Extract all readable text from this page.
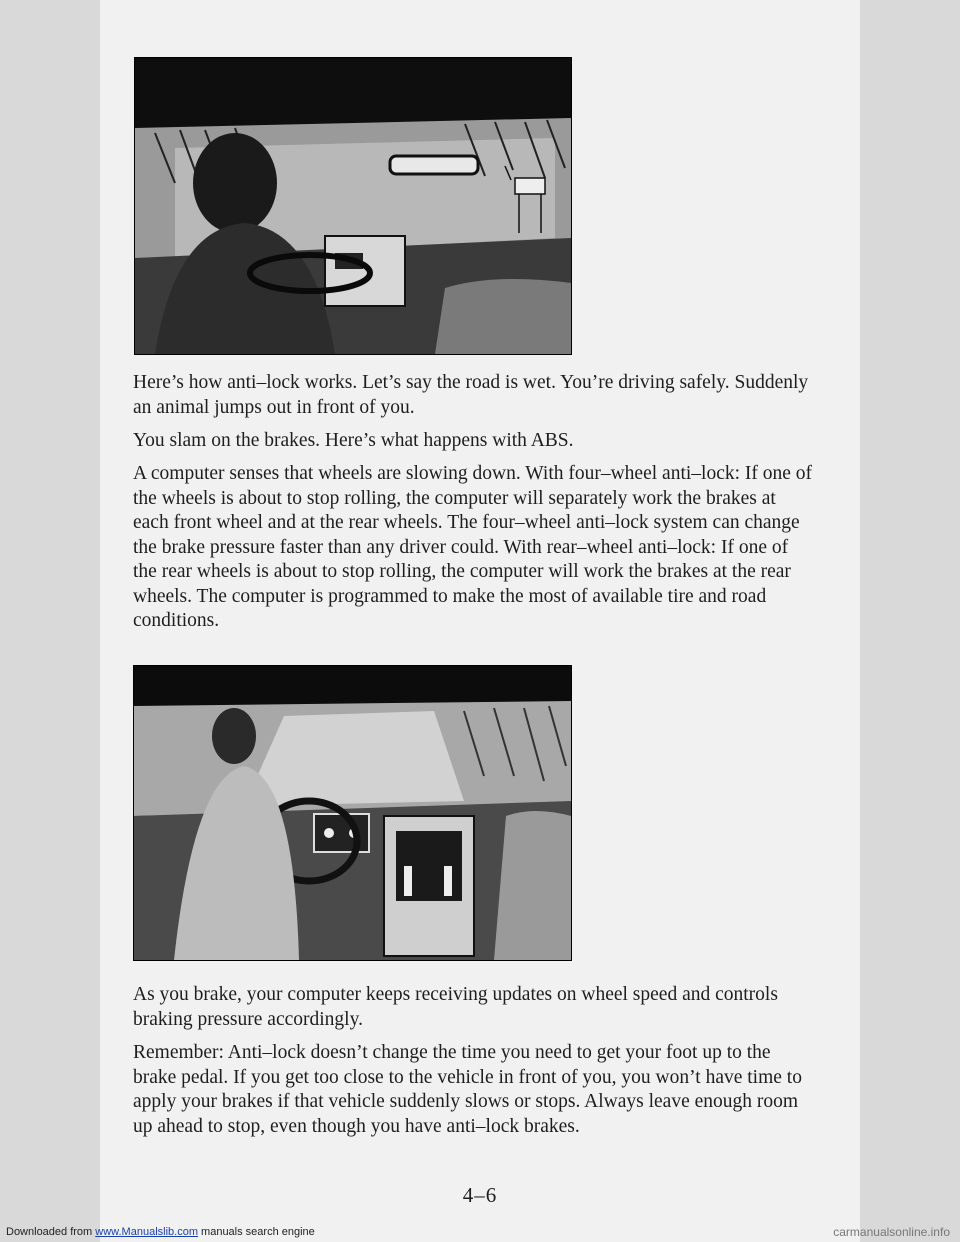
Here’s how anti–lock works. Let’s say the road is wet. You’re driving safely. Suddenly an animal jumps out in front of you.

You slam on the brakes. Here’s what happens with ABS.

A computer senses that wheels are slowing down. With four–wheel anti–lock: If one of the wheels is about to stop rolling, the computer will separately work the brakes at each front wheel and at the rear wheels. The four–wheel anti–lock system can change the brake pressure faster than any driver could. With rear–wheel anti–lock: If one of the rear wheels is about to stop rolling, the computer will work the brakes at the rear wheels. The computer is programmed to make the most of available tire and road conditions.

As you brake, your computer keeps receiving updates on wheel speed and controls braking pressure accordingly.

Remember: Anti–lock doesn’t change the time you need to get your foot up to the brake pedal. If you get too close to the vehicle in front of you, you won’t have time to apply your brakes if that vehicle suddenly slows or stops. Always leave enough room up ahead to stop, even though you have anti–lock brakes.

4–6
Downloaded from www.Manualslib.com manuals search engine	carmanualsonline.info
